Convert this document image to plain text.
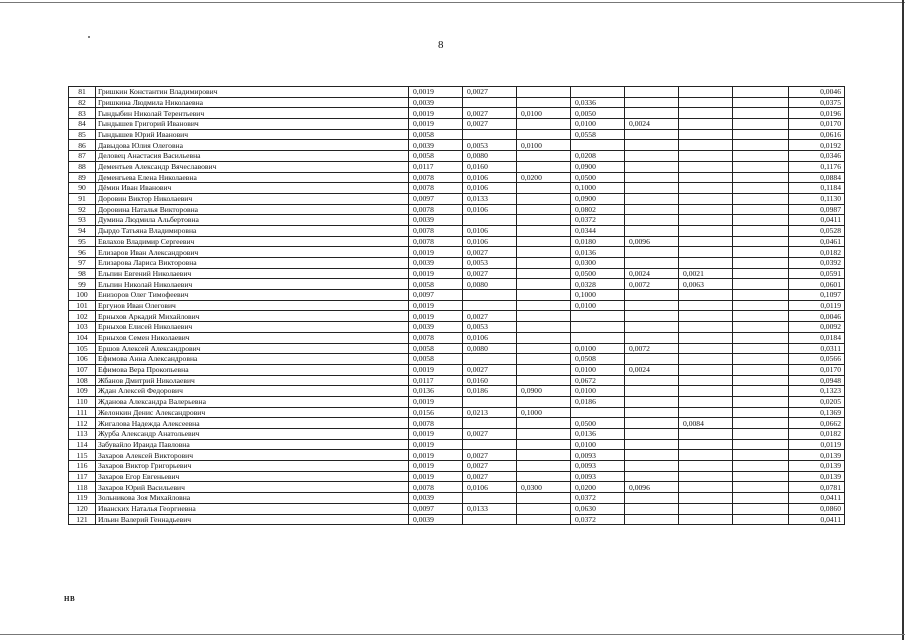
8
81	Гришкин Константин Владимирович	0,0019	0,0027						0,0046
82	Гришкина Людмила Николаевна	0,0039			0,0336				0,0375
83	Гындыбин Николай Терентьевич	0,0019	0,0027	0,0100	0,0050				0,0196
84	Гындышев Григорий Иванович	0,0019	0,0027		0,0100	0,0024			0,0170
85	Гындышев Юрий Иванович	0,0058			0,0558				0,0616
86	Давыдова Юлия Олеговна	0,0039	0,0053	0,0100					0,0192
87	Деловец Анастасия Васильевна	0,0058	0,0080		0,0208				0,0346
88	Дементьев Александр Вячеславович	0,0117	0,0160		0,0900				0,1176
89	Деменгьева Елена Николаевна	0,0078	0,0106	0,0200	0,0500				0,0884
90	Дёмин Иван Иванович	0,0078	0,0106		0,1000				0,1184
91	Доровин Виктор Николаевич	0,0097	0,0133		0,0900				0,1130
92	Доровина Наталья Викторовна	0,0078	0,0106		0,0802				0,0987
93	Думина Людмила Альбертовна	0,0039			0,0372				0,0411
94	Дырдо Татьяна Владимировна	0,0078	0,0106		0,0344				0,0528
95	Евлахов Владимир Сергеевич	0,0078	0,0106		0,0180	0,0096			0,0461
96	Елизаров Иван Александрович	0,0019	0,0027		0,0136				0,0182
97	Елизарова Лариса Викторовна	0,0039	0,0053		0,0300				0,0392
98	Ельпин Евгений Николаевич	0,0019	0,0027		0,0500	0,0024	0,0021		0,0591
99	Ельпин Николай Николаевич	0,0058	0,0080		0,0328	0,0072	0,0063		0,0601
100	Енизоров Олег Тимофеевич	0,0097			0,1000				0,1097
101	Ергунов Иван Олегович	0,0019			0,0100				0,0119
102	Ерныхов Аркадий Михайлович	0,0019	0,0027						0,0046
103	Ерныхов Елисей Николаевич	0,0039	0,0053						0,0092
104	Ерныхов Семен Николаевич	0,0078	0,0106						0,0184
105	Ершов Алексей Александрович	0,0058	0,0080		0,0100	0,0072			0,0311
106	Ефимова Анна Александровна	0,0058			0,0508				0,0566
107	Ефимова Вера Прокопьевна	0,0019	0,0027		0,0100	0,0024			0,0170
108	Жбанов Дмитрий Николаевич	0,0117	0,0160		0,0672				0,0948
109	Ждан Алексей Федорович	0,0136	0,0186	0,0900	0,0100				0,1323
110	Жданова Александра Валерьевна	0,0019			0,0186				0,0205
111	Желонкин Денис Александрович	0,0156	0,0213	0,1000					0,1369
112	Жигалова Надежда Алексеевна	0,0078			0,0500		0,0084		0,0662
113	Журба Александр Анатольевич	0,0019	0,0027		0,0136				0,0182
114	Забувайло Ираида Павловна	0,0019			0,0100				0,0119
115	Захаров Алексей Викторович	0,0019	0,0027		0,0093				0,0139
116	Захаров Виктор Григорьевич	0,0019	0,0027		0,0093				0,0139
117	Захаров Егор Евгеньевич	0,0019	0,0027		0,0093				0,0139
118	Захаров Юрий Васильевич	0,0078	0,0106	0,0300	0,0200	0,0096			0,0781
119	Зольникова Зоя Михайловна	0,0039			0,0372				0,0411
120	Иванских Наталья Георгиевна	0,0097	0,0133		0,0630				0,0860
121	Ильин Валерий Геннадьевич	0,0039			0,0372				0,0411
HB
